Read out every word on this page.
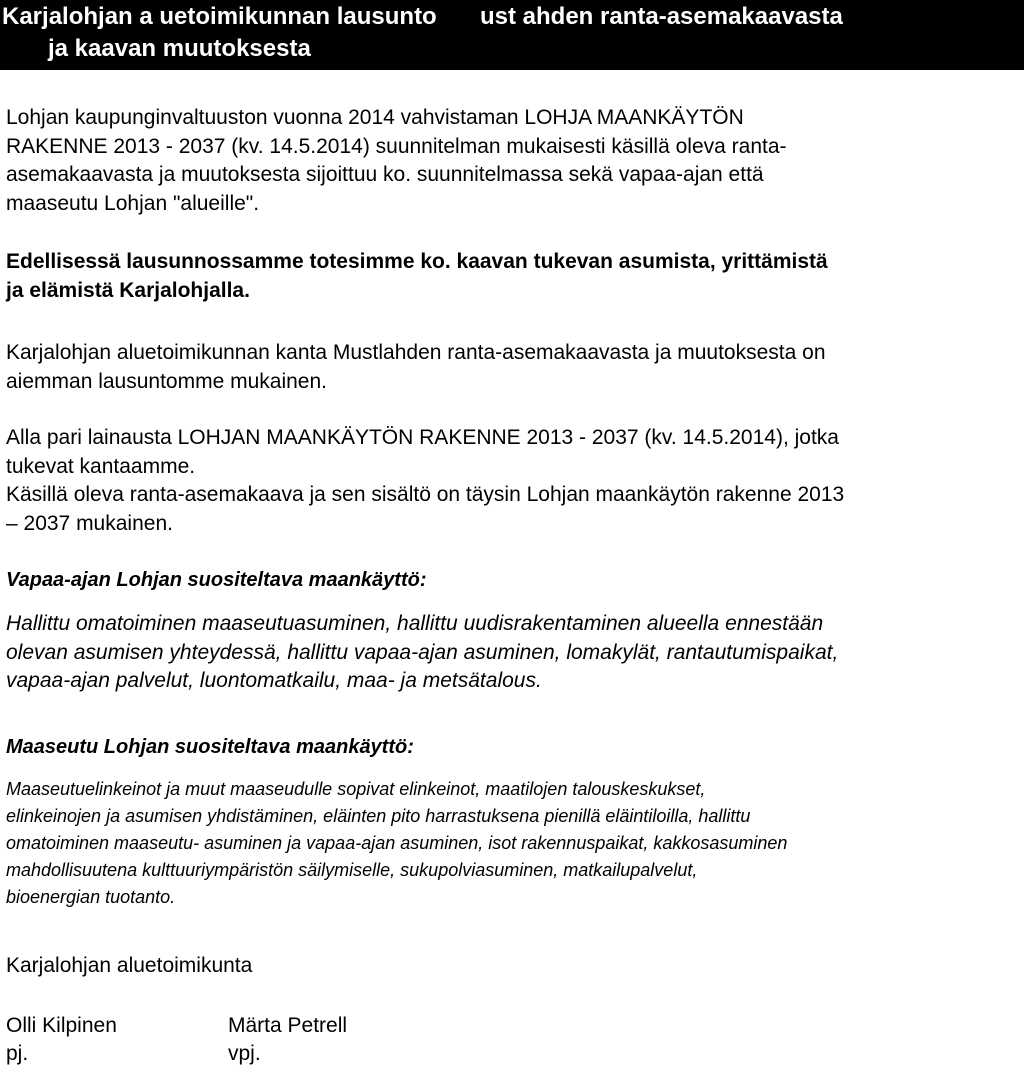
Karjalohjan a uetoimikunnan lausunto ust ahden ranta-asemakaavasta
ja kaavan muutoksesta
Lohjan kaupunginvaltuuston vuonna 2014 vahvistaman LOHJA MAANKÄYTÖN
RAKENNE 2013 - 2037 (kv. 14.5.2014) suunnitelman mukaisesti käsillä oleva ranta-
asemakaavasta ja muutoksesta sijoittuu ko. suunnitelmassa sekä vapaa-ajan että
maaseutu Lohjan "alueille".
Edellisessä lausunnossamme totesimme ko. kaavan tukevan asumista, yrittämistä
ja elämistä Karjalohjalla.
Karjalohjan aluetoimikunnan kanta Mustlahden ranta-asemakaavasta ja muutoksesta on
aiemman lausuntomme mukainen.
Alla pari lainausta LOHJAN MAANKÄYTÖN RAKENNE 2013 - 2037 (kv. 14.5.2014), jotka
tukevat kantaamme.
Käsillä oleva ranta-asemakaava ja sen sisältö on täysin Lohjan maankäytön rakenne 2013
– 2037 mukainen.
Vapaa-ajan Lohjan suositeltava maankäyttö:
Hallittu omatoiminen maaseutuasuminen, hallittu uudisrakentaminen alueella ennestään
olevan asumisen yhteydessä, hallittu vapaa-ajan asuminen, lomakylät, rantautumispaikat,
vapaa-ajan palvelut, luontomatkailu, maa- ja metsätalous.
Maaseutu Lohjan suositeltava maankäyttö:
Maaseutuelinkeinot ja muut maaseudulle sopivat elinkeinot, maatilojen talouskeskukset,
elinkeinojen ja asumisen yhdistäminen, eläinten pito harrastuksena pienillä eläintiloilla, hallittu
omatoiminen maaseutu- asuminen ja vapaa-ajan asuminen, isot rakennuspaikat, kakkosasuminen
mahdollisuutena kulttuuriympäristön säilymiselle, sukupolviasuminen, matkailupalvelut,
bioenergian tuotanto.
Karjalohjan aluetoimikunta
Olli Kilpinen
pj.
Märta Petrell
vpj.
